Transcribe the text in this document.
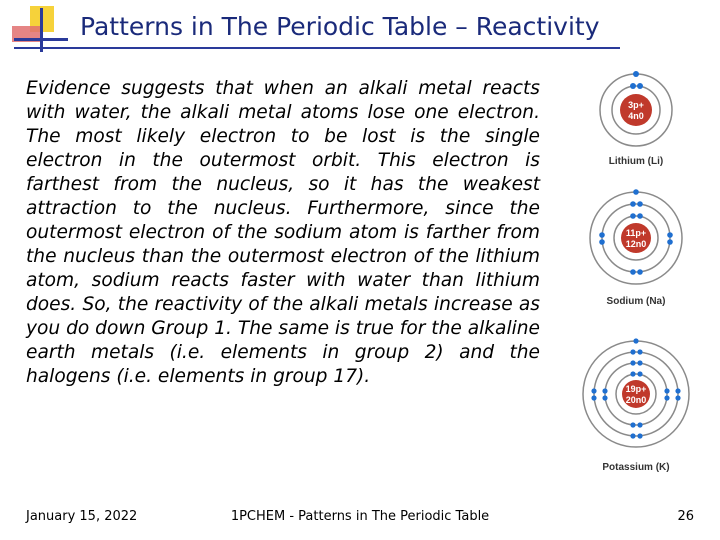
Patterns in The Periodic Table – Reactivity

Evidence suggests that when an alkali metal reacts with water, the alkali metal atoms lose one electron. The most likely electron to be lost is the single electron in the outermost orbit. This electron is farthest from the nucleus, so it has the weakest attraction to the nucleus. Furthermore, since the outermost electron of the sodium atom is farther from the nucleus than the outermost electron of the lithium atom, sodium reacts faster with water than lithium does. So, the reactivity of the alkali metals increase as you do down Group 1. The same is true for the alkaline earth metals (i.e. elements in group 2) and the halogens (i.e. elements in group 17).

3p+
4n0
Lithium (Li)
11p+
12n0
Sodium (Na)
19p+
20n0
Potassium (K)
January 15, 2022	1PCHEM - Patterns in The Periodic Table	26
